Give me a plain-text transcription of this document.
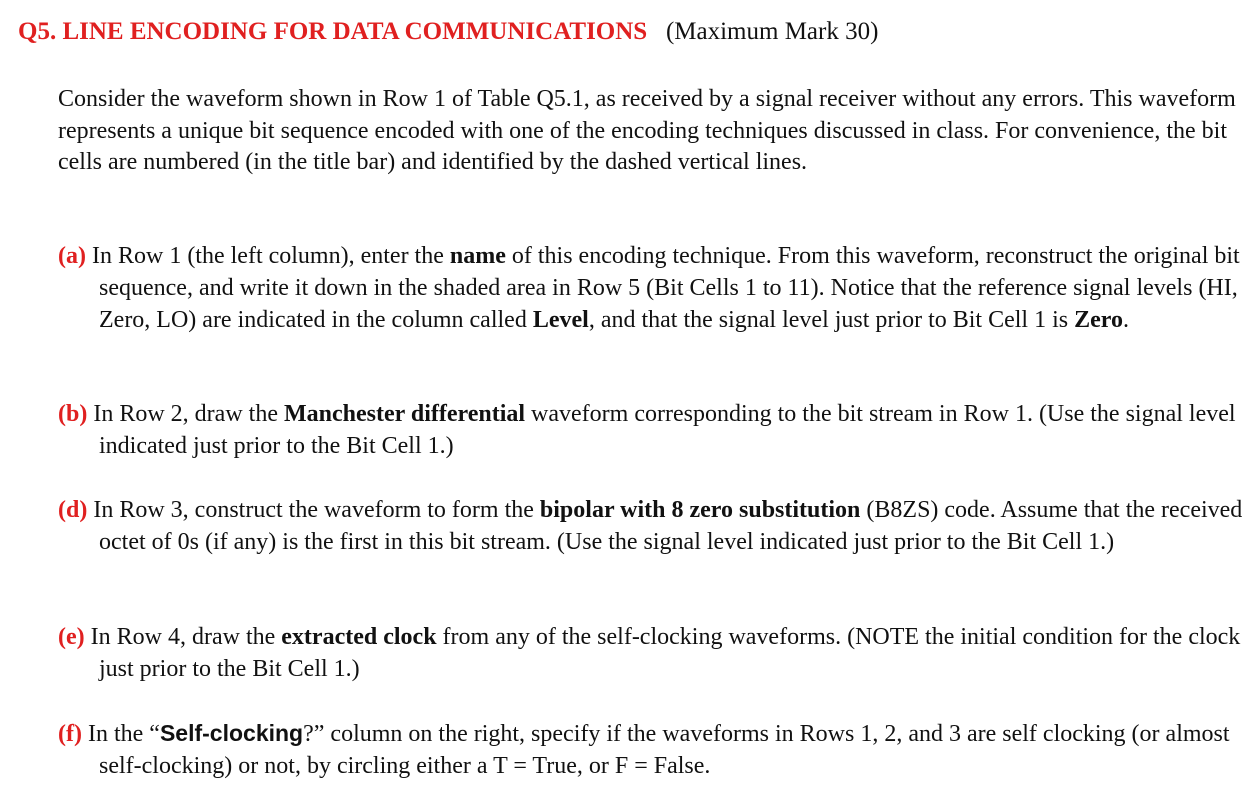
Q5. LINE ENCODING FOR DATA COMMUNICATIONS (Maximum Mark 30)
Consider the waveform shown in Row 1 of Table Q5.1, as received by a signal receiver without any errors. This waveform represents a unique bit sequence encoded with one of the encoding techniques discussed in class. For convenience, the bit cells are numbered (in the title bar) and identified by the dashed vertical lines.
(a) In Row 1 (the left column), enter the name of this encoding technique. From this waveform, reconstruct the original bit sequence, and write it down in the shaded area in Row 5 (Bit Cells 1 to 11). Notice that the reference signal levels (HI, Zero, LO) are indicated in the column called Level, and that the signal level just prior to Bit Cell 1 is Zero.
(b) In Row 2, draw the Manchester differential waveform corresponding to the bit stream in Row 1. (Use the signal level indicated just prior to the Bit Cell 1.)
(d) In Row 3, construct the waveform to form the bipolar with 8 zero substitution (B8ZS) code. Assume that the received octet of 0s (if any) is the first in this bit stream. (Use the signal level indicated just prior to the Bit Cell 1.)
(e) In Row 4, draw the extracted clock from any of the self-clocking waveforms. (NOTE the initial condition for the clock just prior to the Bit Cell 1.)
(f) In the “Self-clocking?” column on the right, specify if the waveforms in Rows 1, 2, and 3 are self clocking (or almost self-clocking) or not, by circling either a T = True, or F = False.
